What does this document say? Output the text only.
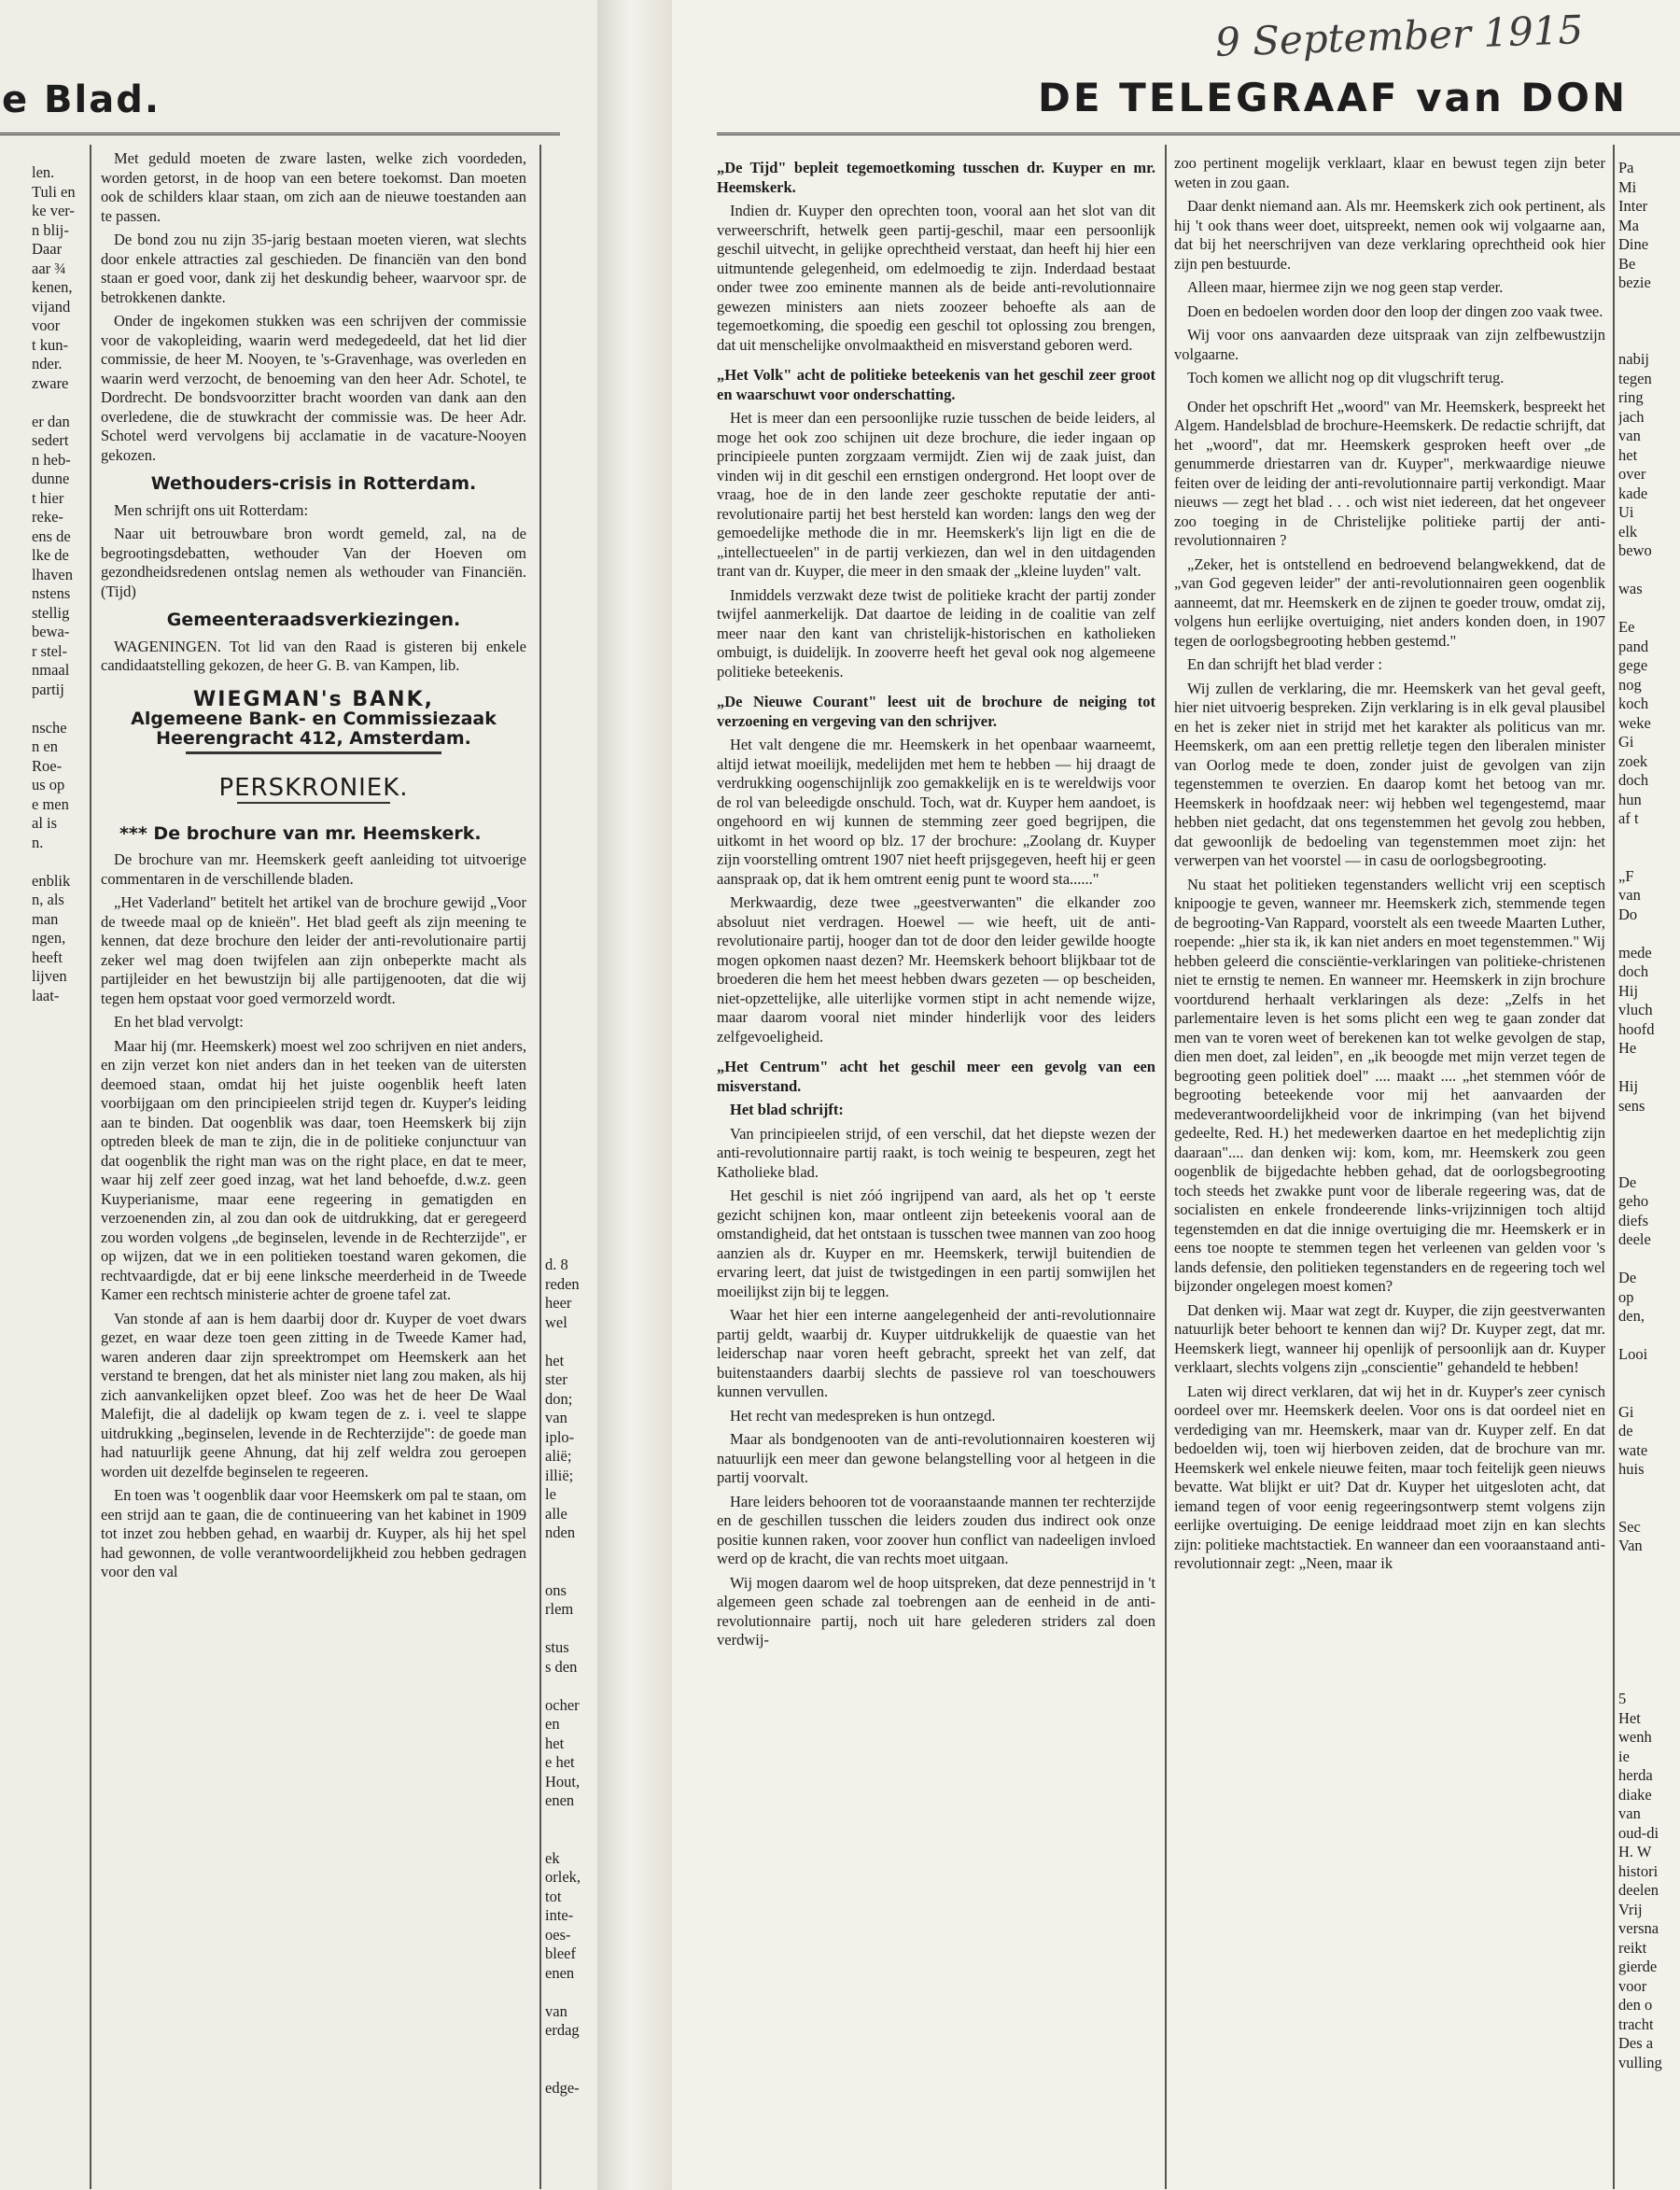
e Blad.	DE TELEGRAAF van DON
9 September 1915
len.
Tuli en
ke ver-
n blij-
Daar
aar ¾
kenen,
vijand
voor
t kun-
nder.
zware

er dan
sedert
n heb-
dunne
t hier
reke-
ens de
lke de
lhaven
nstens
stellig
bewa-
r stel-
nmaal
partij

nsche
n en
Roe-
us op
e men
al is
n.

enblik
n, als
man
ngen,
heeft
lijven
laat-

Met geduld moeten de zware lasten, welke zich voordeden, worden getorst, in de hoop van een betere toekomst. Dan moeten ook de schilders klaar staan, om zich aan de nieuwe toestanden aan te passen.

De bond zou nu zijn 35-jarig bestaan moeten vieren, wat slechts door enkele attracties zal geschieden. De financiën van den bond staan er goed voor, dank zij het deskundig beheer, waarvoor spr. de betrokkenen dankte.

Onder de ingekomen stukken was een schrijven der commissie voor de vakopleiding, waarin werd medegedeeld, dat het lid dier commissie, de heer M. Nooyen, te 's-Gravenhage, was overleden en waarin werd verzocht, de benoeming van den heer Adr. Schotel, te Dordrecht. De bondsvoorzitter bracht woorden van dank aan den overledene, die de stuwkracht der commissie was. De heer Adr. Schotel werd vervolgens bij acclamatie in de vacature-Nooyen gekozen.

Wethouders-crisis in Rotterdam.

Men schrijft ons uit Rotterdam:

Naar uit betrouwbare bron wordt gemeld, zal, na de begrootingsdebatten, wethouder Van der Hoeven om gezondheidsredenen ontslag nemen als wethouder van Financiën. (Tijd)

Gemeenteraadsverkiezingen.

WAGENINGEN. Tot lid van den Raad is gisteren bij enkele candidaatstelling gekozen, de heer G. B. van Kampen, lib.

WIEGMAN's BANK,
Algemeene Bank- en Commissiezaak
Heerengracht 412, Amsterdam.
PERSKRONIEK.
*** De brochure van mr. Heemskerk.

De brochure van mr. Heemskerk geeft aanleiding tot uitvoerige commentaren in de verschillende bladen.

„Het Vaderland" betitelt het artikel van de brochure gewijd „Voor de tweede maal op de knieën". Het blad geeft als zijn meening te kennen, dat deze brochure den leider der anti-revolutionaire partij zeker wel mag doen twijfelen aan zijn onbeperkte macht als partijleider en het bewustzijn bij alle partijgenooten, dat die wij tegen hem opstaat voor goed vermorzeld wordt.

En het blad vervolgt:

Maar hij (mr. Heemskerk) moest wel zoo schrijven en niet anders, en zijn verzet kon niet anders dan in het teeken van de uitersten deemoed staan, omdat hij het juiste oogenblik heeft laten voorbijgaan om den principieelen strijd tegen dr. Kuyper's leiding aan te binden. Dat oogenblik was daar, toen Heemskerk bij zijn optreden bleek de man te zijn, die in de politieke conjunctuur van dat oogenblik the right man was on the right place, en dat te meer, waar hij zelf zeer goed inzag, wat het land behoefde, d.w.z. geen Kuyperianisme, maar eene regeering in gematigden en verzoenenden zin, al zou dan ook de uitdrukking, dat er geregeerd zou worden volgens „de beginselen, levende in de Rechterzijde", er op wijzen, dat we in een politieken toestand waren gekomen, die rechtvaardigde, dat er bij eene linksche meerderheid in de Tweede Kamer een rechtsch ministerie achter de groene tafel zat.

Van stonde af aan is hem daarbij door dr. Kuyper de voet dwars gezet, en waar deze toen geen zitting in de Tweede Kamer had, waren anderen daar zijn spreektrompet om Heemskerk aan het verstand te brengen, dat het als minister niet lang zou maken, als hij zich aanvankelijken opzet bleef. Zoo was het de heer De Waal Malefijt, die al dadelijk op kwam tegen de z. i. veel te slappe uitdrukking „beginselen, levende in de Rechterzijde": de goede man had natuurlijk geene Ahnung, dat hij zelf weldra zou geroepen worden uit dezelfde beginselen te regeeren.

En toen was 't oogenblik daar voor Heemskerk om pal te staan, om een strijd aan te gaan, die de continueering van het kabinet in 1909 tot inzet zou hebben gehad, en waarbij dr. Kuyper, als hij het spel had gewonnen, de volle verantwoordelijkheid zou hebben gedragen voor den val

d. 8
reden
heer
wel

het
ster
don;
van
iplo-
alië;
illië;
le
alle
nden

ons
rlem

stus
s den

ocher
en
het
e het
Hout,
enen

ek
orlek,
tot
inte-
oes-
bleef
enen

van
erdag

edge-

„De Tijd" bepleit tegemoetkoming tusschen dr. Kuyper en mr. Heemskerk.

Indien dr. Kuyper den oprechten toon, vooral aan het slot van dit verweerschrift, hetwelk geen partij-geschil, maar een persoonlijk geschil uitvecht, in gelijke oprechtheid verstaat, dan heeft hij hier een uitmuntende gelegenheid, om edelmoedig te zijn. Inderdaad bestaat onder twee zoo eminente mannen als de beide anti-revolutionnaire gewezen ministers aan niets zoozeer behoefte als aan de tegemoetkoming, die spoedig een geschil tot oplossing zou brengen, dat uit menschelijke onvolmaaktheid en misverstand geboren werd.

„Het Volk" acht de politieke beteekenis van het geschil zeer groot en waarschuwt voor onderschatting.

Het is meer dan een persoonlijke ruzie tusschen de beide leiders, al moge het ook zoo schijnen uit deze brochure, die ieder ingaan op principieele punten zorgzaam vermijdt. Zien wij de zaak juist, dan vinden wij in dit geschil een ernstigen ondergrond. Het loopt over de vraag, hoe de in den lande zeer geschokte reputatie der anti-revolutionaire partij het best hersteld kan worden: langs den weg der gemoedelijke methode die in mr. Heemskerk's lijn ligt en die de „intellectueelen" in de partij verkiezen, dan wel in den uitdagenden trant van dr. Kuyper, die meer in den smaak der „kleine luyden" valt.

Inmiddels verzwakt deze twist de politieke kracht der partij zonder twijfel aanmerkelijk. Dat daartoe de leiding in de coalitie van zelf meer naar den kant van christelijk-historischen en katholieken ombuigt, is duidelijk. In zooverre heeft het geval ook nog algemeene politieke beteekenis.

„De Nieuwe Courant" leest uit de brochure de neiging tot verzoening en vergeving van den schrijver.

Het valt dengene die mr. Heemskerk in het openbaar waarneemt, altijd ietwat moeilijk, medelijden met hem te hebben — hij draagt de verdrukking oogenschijnlijk zoo gemakkelijk en is te wereldwijs voor de rol van beleedigde onschuld. Toch, wat dr. Kuyper hem aandoet, is ongehoord en wij kunnen de stemming zeer goed begrijpen, die uitkomt in het woord op blz. 17 der brochure: „Zoolang dr. Kuyper zijn voorstelling omtrent 1907 niet heeft prijsgegeven, heeft hij er geen aanspraak op, dat ik hem omtrent eenig punt te woord sta......"

Merkwaardig, deze twee „geestverwanten" die elkander zoo absoluut niet verdragen. Hoewel — wie heeft, uit de anti-revolutionaire partij, hooger dan tot de door den leider gewilde hoogte mogen opkomen naast dezen? Mr. Heemskerk behoort blijkbaar tot de broederen die hem het meest hebben dwars gezeten — op bescheiden, niet-opzettelijke, alle uiterlijke vormen stipt in acht nemende wijze, maar daarom vooral niet minder hinderlijk voor des leiders zelfgevoeligheid.

„Het Centrum" acht het geschil meer een gevolg van een misverstand.

Het blad schrijft:

Van principieelen strijd, of een verschil, dat het diepste wezen der anti-revolutionnaire partij raakt, is toch weinig te bespeuren, zegt het Katholieke blad.

Het geschil is niet zóó ingrijpend van aard, als het op 't eerste gezicht schijnen kon, maar ontleent zijn beteekenis vooral aan de omstandigheid, dat het ontstaan is tusschen twee mannen van zoo hoog aanzien als dr. Kuyper en mr. Heemskerk, terwijl buitendien de ervaring leert, dat juist de twistgedingen in een partij somwijlen het moeilijkst zijn bij te leggen.

Waar het hier een interne aangelegenheid der anti-revolutionnaire partij geldt, waarbij dr. Kuyper uitdrukkelijk de quaestie van het leiderschap naar voren heeft gebracht, spreekt het van zelf, dat buitenstaanders daarbij slechts de passieve rol van toeschouwers kunnen vervullen.

Het recht van medespreken is hun ontzegd.

Maar als bondgenooten van de anti-revolutionnairen koesteren wij natuurlijk een meer dan gewone belangstelling voor al hetgeen in die partij voorvalt.

Hare leiders behooren tot de vooraanstaande mannen ter rechterzijde en de geschillen tusschen die leiders zouden dus indirect ook onze positie kunnen raken, voor zoover hun conflict van nadeeligen invloed werd op de kracht, die van rechts moet uitgaan.

Wij mogen daarom wel de hoop uitspreken, dat deze pennestrijd in 't algemeen geen schade zal toebrengen aan de eenheid in de anti-revolutionnaire partij, noch uit hare gelederen striders zal doen verdwij-

zoo pertinent mogelijk verklaart, klaar en bewust tegen zijn beter weten in zou gaan.

Daar denkt niemand aan. Als mr. Heemskerk zich ook pertinent, als hij 't ook thans weer doet, uitspreekt, nemen ook wij volgaarne aan, dat bij het neerschrijven van deze verklaring oprechtheid ook hier zijn pen bestuurde.

Alleen maar, hiermee zijn we nog geen stap verder.

Doen en bedoelen worden door den loop der dingen zoo vaak twee.

Wij voor ons aanvaarden deze uitspraak van zijn zelfbewustzijn volgaarne.

Toch komen we allicht nog op dit vlugschrift terug.

Onder het opschrift Het „woord" van Mr. Heemskerk, bespreekt het Algem. Handelsblad de brochure-Heemskerk. De redactie schrijft, dat het „woord", dat mr. Heemskerk gesproken heeft over „de genummerde driestarren van dr. Kuyper", merkwaardige nieuwe feiten over de leiding der anti-revolutionnaire partij verkondigt. Maar nieuws — zegt het blad . . . och wist niet iedereen, dat het ongeveer zoo toeging in de Christelijke politieke partij der anti-revolutionnairen ?

„Zeker, het is ontstellend en bedroevend belangwekkend, dat de „van God gegeven leider" der anti-revolutionnairen geen oogenblik aanneemt, dat mr. Heemskerk en de zijnen te goeder trouw, omdat zij, volgens hun eerlijke overtuiging, niet anders konden doen, in 1907 tegen de oorlogsbegrooting hebben gestemd."

En dan schrijft het blad verder :

Wij zullen de verklaring, die mr. Heemskerk van het geval geeft, hier niet uitvoerig bespreken. Zijn verklaring is in elk geval plausibel en het is zeker niet in strijd met het karakter als politicus van mr. Heemskerk, om aan een prettig relletje tegen den liberalen minister van Oorlog mede te doen, zonder juist de gevolgen van zijn tegenstemmen te overzien. En daarop komt het betoog van mr. Heemskerk in hoofdzaak neer: wij hebben wel tegengestemd, maar hebben niet gedacht, dat ons tegenstemmen het gevolg zou hebben, dat gewoonlijk de bedoeling van tegenstemmen moet zijn: het verwerpen van het voorstel — in casu de oorlogsbegrooting.

Nu staat het politieken tegenstanders wellicht vrij een sceptisch knipoogje te geven, wanneer mr. Heemskerk zich, stemmende tegen de begrooting-Van Rappard, voorstelt als een tweede Maarten Luther, roepende: „hier sta ik, ik kan niet anders en moet tegenstemmen." Wij hebben geleerd die consciëntie-verklaringen van politieke-christenen niet te ernstig te nemen. En wanneer mr. Heemskerk in zijn brochure voortdurend herhaalt verklaringen als deze: „Zelfs in het parlementaire leven is het soms plicht een weg te gaan zonder dat men van te voren weet of berekenen kan tot welke gevolgen de stap, dien men doet, zal leiden", en „ik beoogde met mijn verzet tegen de begrooting geen politiek doel" .... maakt .... „het stemmen vóór de begrooting beteekende voor mij het aanvaarden der medeverantwoordelijkheid voor de inkrimping (van het bijvend gedeelte, Red. H.) het medewerken daartoe en het medeplichtig zijn daaraan".... dan denken wij: kom, kom, mr. Heemskerk zou geen oogenblik de bijgedachte hebben gehad, dat de oorlogsbegrooting toch steeds het zwakke punt voor de liberale regeering was, dat de socialisten en enkele frondeerende links-vrijzinnigen toch altijd tegenstemden en dat die innige overtuiging die mr. Heemskerk er in eens toe noopte te stemmen tegen het verleenen van gelden voor 's lands defensie, den politieken tegenstanders en de regeering toch wel bijzonder ongelegen moest komen?

Dat denken wij. Maar wat zegt dr. Kuyper, die zijn geestverwanten natuurlijk beter behoort te kennen dan wij? Dr. Kuyper zegt, dat mr. Heemskerk liegt, wanneer hij openlijk of persoonlijk aan dr. Kuyper verklaart, slechts volgens zijn „conscientie" gehandeld te hebben!

Laten wij direct verklaren, dat wij het in dr. Kuyper's zeer cynisch oordeel over mr. Heemskerk deelen. Voor ons is dat oordeel niet en verdediging van mr. Heemskerk, maar van dr. Kuyper zelf. En dat bedoelden wij, toen wij hierboven zeiden, dat de brochure van mr. Heemskerk wel enkele nieuwe feiten, maar toch feitelijk geen nieuws bevatte. Wat blijkt er uit? Dat dr. Kuyper het uitgesloten acht, dat iemand tegen of voor eenig regeeringsontwerp stemt volgens zijn eerlijke overtuiging. De eenige leiddraad moet zijn en kan slechts zijn: politieke machtstactiek. En wanneer dan een vooraanstaand anti-revolutionnair zegt: „Neen, maar ik

Pa
Mi
Inter
Ma
Dine
Be
bezie

nabij
tegen
ring
jach
van
het
over
kade
Ui
elk
bewo

was

Ee
pand
gege
nog
koch
weke
Gi
zoek
doch
hun
af t

„F
van
Do

mede
doch
Hij
vluch
hoofd
He

Hij
sens

De
geho
diefs
deele

De
op
den,

Looi

Gi
de
wate
huis

Sec
Van

5
Het
wenh
ie
herda
diake
van
oud-di
H. W
histori
deelen
Vrij
versna
reikt
gierde
voor
den o
tracht
Des a
vulling
